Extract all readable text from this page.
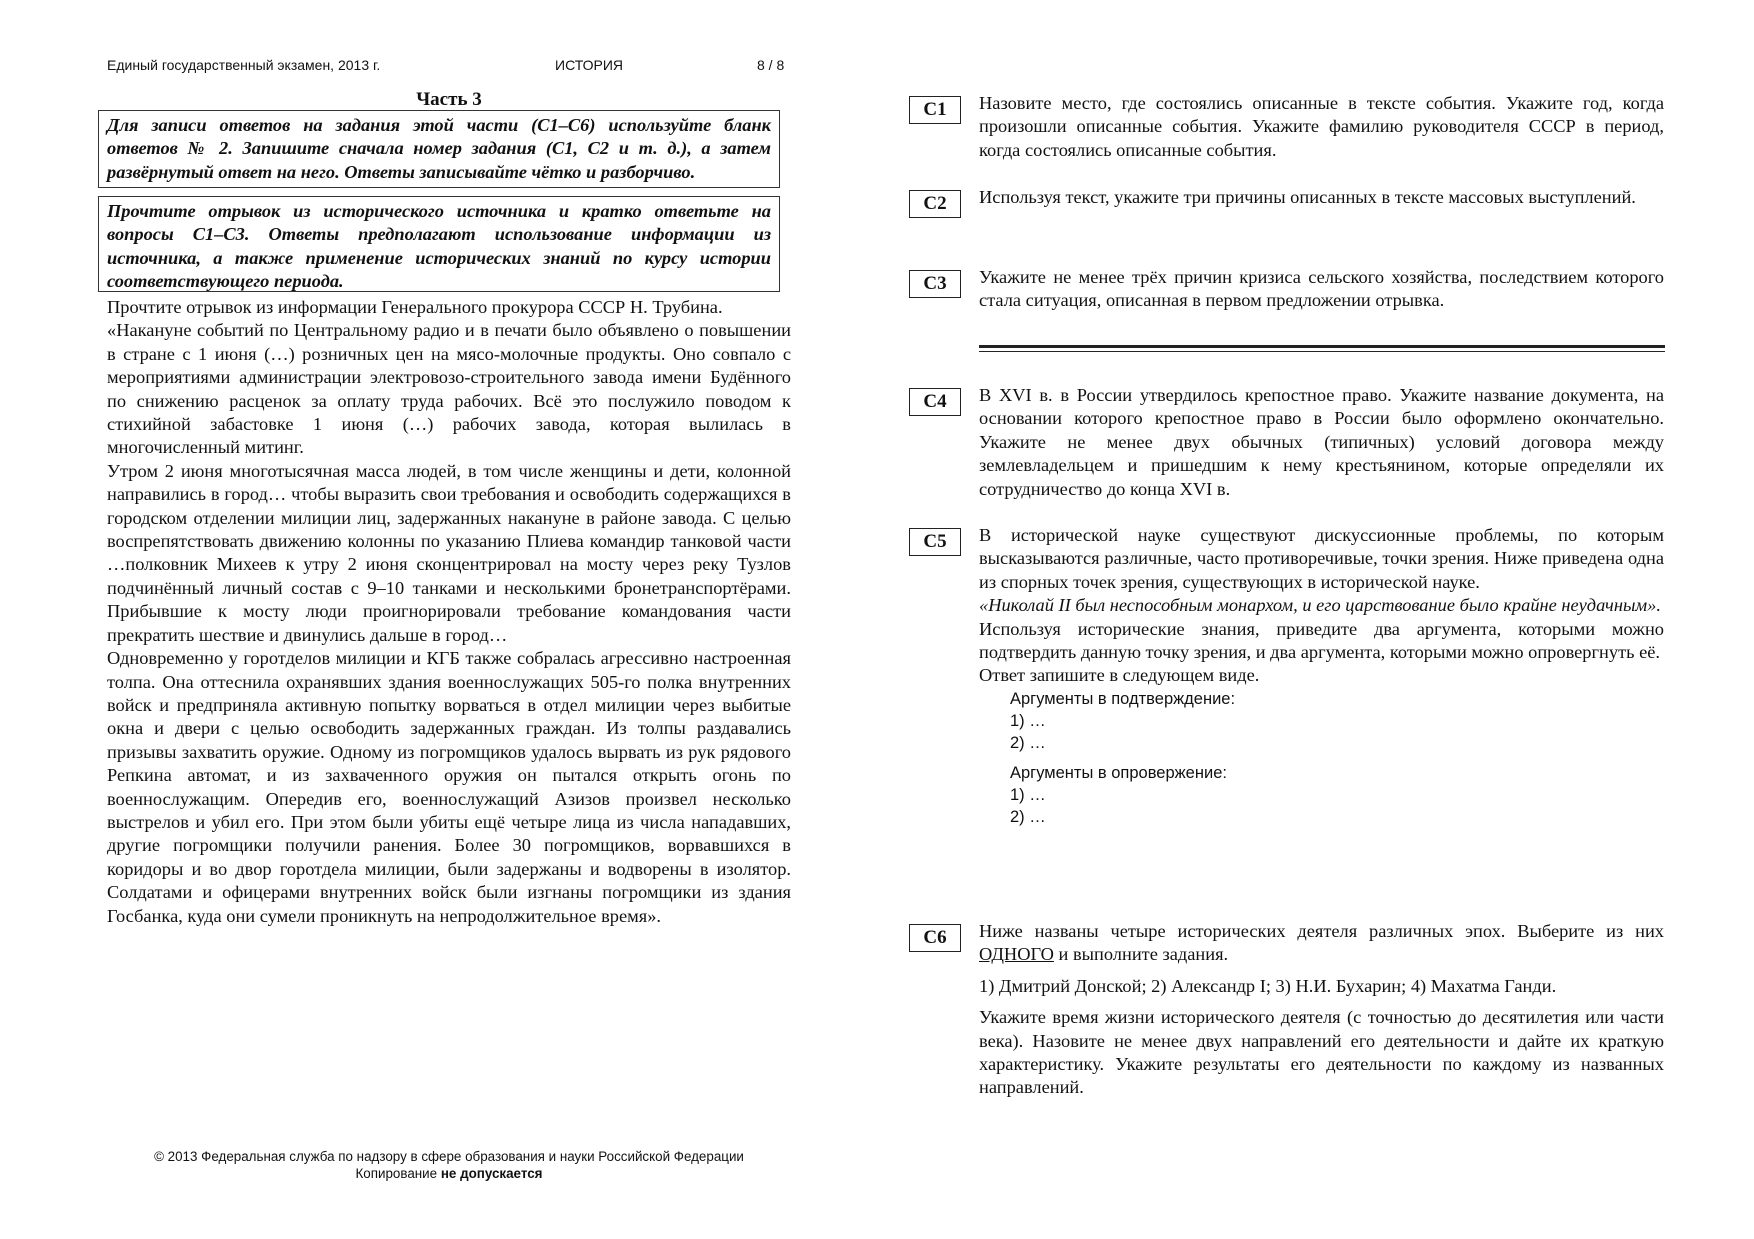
Единый государственный экзамен, 2013 г.	ИСТОРИЯ	8 / 8
Часть 3
Для записи ответов на задания этой части (С1–С6) используйте бланк ответов № 2. Запишите сначала номер задания (С1, С2 и т. д.), а затем развёрнутый ответ на него. Ответы записывайте чётко и разборчиво.
Прочтите отрывок из исторического источника и кратко ответьте на вопросы С1–С3. Ответы предполагают использование информации из источника, а также применение исторических знаний по курсу истории соответствующего периода.

Прочтите отрывок из информации Генерального прокурора СССР Н. Трубина.

«Накануне событий по Центральному радио и в печати было объявлено о повышении в стране с 1 июня (…) розничных цен на мясо-молочные продукты. Оно совпало с мероприятиями администрации электровозо-строительного завода имени Будённого по снижению расценок за оплату труда рабочих. Всё это послужило поводом к стихийной забастовке 1 июня (…) рабочих завода, которая вылилась в многочисленный митинг.

Утром 2 июня многотысячная масса людей, в том числе женщины и дети, колонной направились в город… чтобы выразить свои требования и освободить содержащихся в городском отделении милиции лиц, задержанных накануне в районе завода. С целью воспрепятствовать движению колонны по указанию Плиева командир танковой части …полковник Михеев к утру 2 июня сконцентрировал на мосту через реку Тузлов подчинённый личный состав с 9–10 танками и несколькими бронетранспортёрами. Прибывшие к мосту люди проигнорировали требование командования части прекратить шествие и двинулись дальше в город…

Одновременно у горотделов милиции и КГБ также собралась агрессивно настроенная толпа. Она оттеснила охранявших здания военнослужащих 505-го полка внутренних войск и предприняла активную попытку ворваться в отдел милиции через выбитые окна и двери с целью освободить задержанных граждан. Из толпы раздавались призывы захватить оружие. Одному из погромщиков удалось вырвать из рук рядового Репкина автомат, и из захваченного оружия он пытался открыть огонь по военнослужащим. Опередив его, военнослужащий Азизов произвел несколько выстрелов и убил его. При этом были убиты ещё четыре лица из числа нападавших, другие погромщики получили ранения. Более 30 погромщиков, ворвавшихся в коридоры и во двор горотдела милиции, были задержаны и водворены в изолятор. Солдатами и офицерами внутренних войск были изгнаны погромщики из здания Госбанка, куда они сумели проникнуть на непродолжительное время».

© 2013 Федеральная служба по надзору в сфере образования и науки Российской Федерации
Копирование не допускается
С1	Назовите место, где состоялись описанные в тексте события. Укажите год, когда произошли описанные события. Укажите фамилию руководителя СССР в период, когда состоялись описанные события.
С2	Используя текст, укажите три причины описанных в тексте массовых выступлений.
С3	Укажите не менее трёх причин кризиса сельского хозяйства, последствием которого стала ситуация, описанная в первом предложении отрывка.
С4	В XVI в. в России утвердилось крепостное право. Укажите название документа, на основании которого крепостное право в России было оформлено окончательно. Укажите не менее двух обычных (типичных) условий договора между землевладельцем и пришедшим к нему крестьянином, которые определяли их сотрудничество до конца XVI в.
С5	В исторической науке существуют дискуссионные проблемы, по которым высказываются различные, часто противоречивые, точки зрения. Ниже приведена одна из спорных точек зрения, существующих в исторической науке.

«Николай II был неспособным монархом, и его царствование было крайне неудачным».

Используя исторические знания, приведите два аргумента, которыми можно подтвердить данную точку зрения, и два аргумента, которыми можно опровергнуть её.

Ответ запишите в следующем виде.

Аргументы в подтверждение:
1) …
2) …
Аргументы в опровержение:
1) …
2) …
С6	Ниже названы четыре исторических деятеля различных эпох. Выберите из них ОДНОГО и выполните задания.

1) Дмитрий Донской; 2) Александр I; 3) Н.И. Бухарин; 4) Махатма Ганди.

Укажите время жизни исторического деятеля (с точностью до десятилетия или части века). Назовите не менее двух направлений его деятельности и дайте их краткую характеристику. Укажите результаты его деятельности по каждому из названных направлений.
